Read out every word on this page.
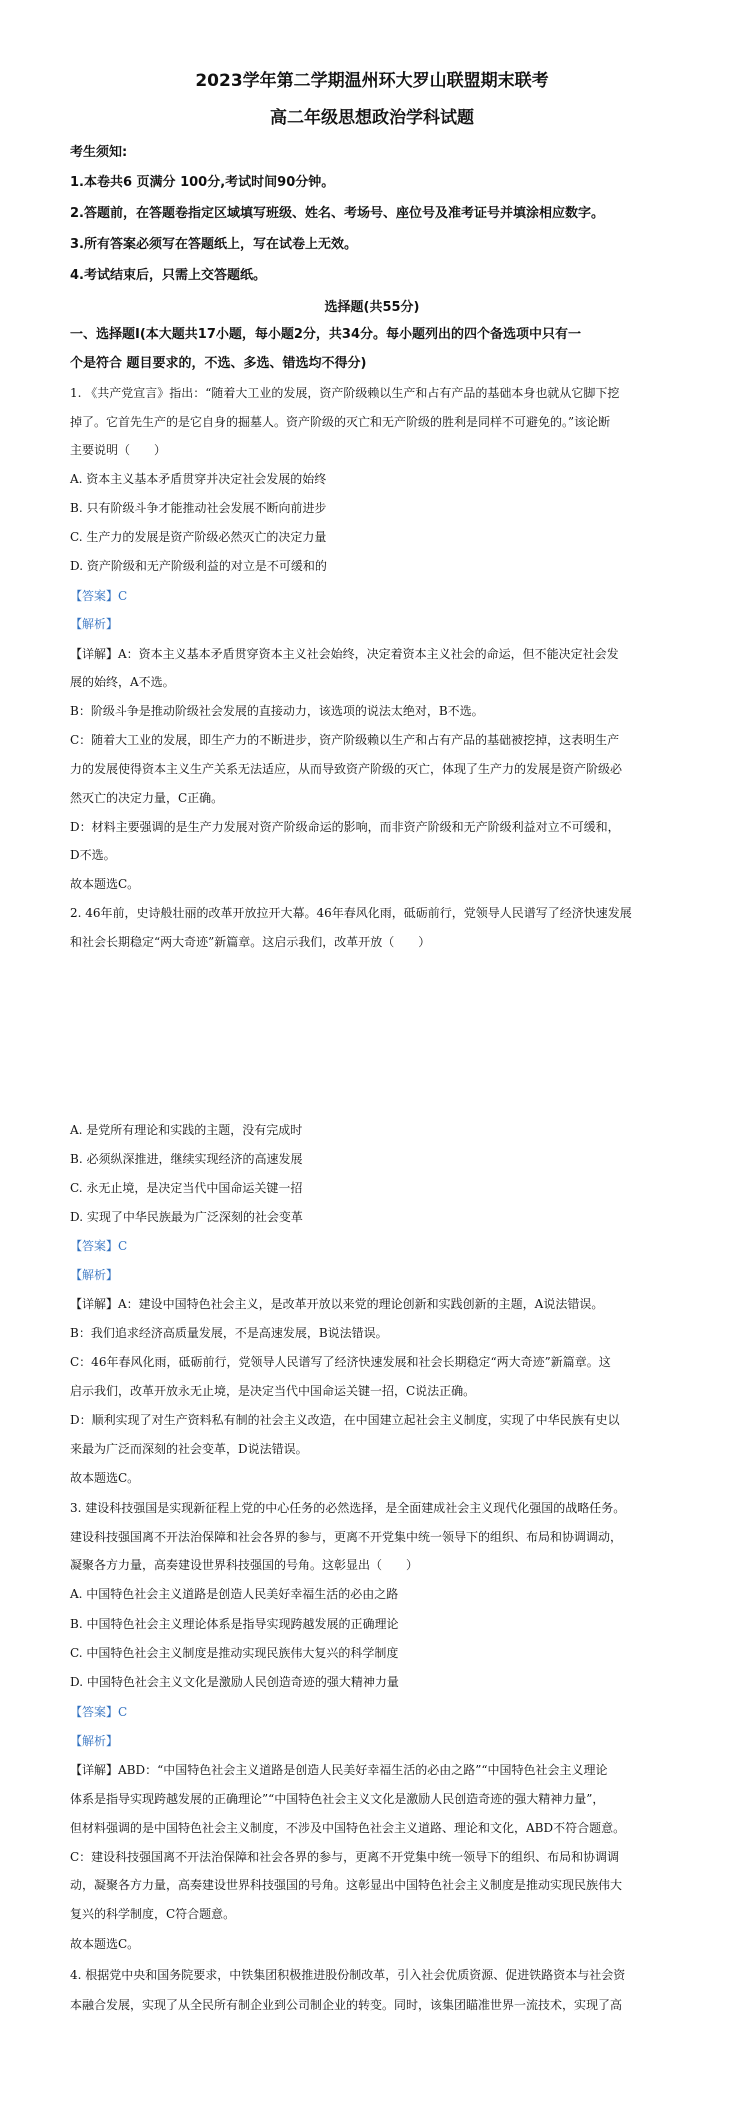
2023学年第二学期温州环大罗山联盟期末联考
高二年级思想政治学科试题
考生须知:
1.本卷共6 页满分 100分,考试时间90分钟。
2.答题前，在答题卷指定区域填写班级、姓名、考场号、座位号及准考证号并填涂相应数字。
3.所有答案必须写在答题纸上，写在试卷上无效。
4.考试结束后，只需上交答题纸。
选择题(共55分)
一、选择题Ⅰ(本大题共17小题，每小题2分，共34分。每小题列出的四个备选项中只有一
个是符合 题目要求的，不选、多选、错选均不得分)
1. 《共产党宣言》指出：“随着大工业的发展，资产阶级赖以生产和占有产品的基础本身也就从它脚下挖
掉了。它首先生产的是它自身的掘墓人。资产阶级的灭亡和无产阶级的胜利是同样不可避免的。”该论断
主要说明（　　）
A. 资本主义基本矛盾贯穿并决定社会发展的始终
B. 只有阶级斗争才能推动社会发展不断向前进步
C. 生产力的发展是资产阶级必然灭亡的决定力量
D. 资产阶级和无产阶级利益的对立是不可缓和的
【答案】C
【解析】
【详解】A：资本主义基本矛盾贯穿资本主义社会始终，决定着资本主义社会的命运，但不能决定社会发
展的始终，A不选。
B：阶级斗争是推动阶级社会发展的直接动力，该选项的说法太绝对，B不选。
C：随着大工业的发展，即生产力的不断进步，资产阶级赖以生产和占有产品的基础被挖掉，这表明生产
力的发展使得资本主义生产关系无法适应，从而导致资产阶级的灭亡，体现了生产力的发展是资产阶级必
然灭亡的决定力量，C正确。
D：材料主要强调的是生产力发展对资产阶级命运的影响，而非资产阶级和无产阶级利益对立不可缓和，
D不选。
故本题选C。
2. 46年前，史诗般壮丽的改革开放拉开大幕。46年春风化雨，砥砺前行，党领导人民谱写了经济快速发展
和社会长期稳定“两大奇迹”新篇章。这启示我们，改革开放（　　）
A. 是党所有理论和实践的主题，没有完成时
B. 必须纵深推进，继续实现经济的高速发展
C. 永无止境，是决定当代中国命运关键一招
D. 实现了中华民族最为广泛深刻的社会变革
【答案】C
【解析】
【详解】A：建设中国特色社会主义，是改革开放以来党的理论创新和实践创新的主题，A说法错误。
B：我们追求经济高质量发展，不是高速发展，B说法错误。
C：46年春风化雨，砥砺前行，党领导人民谱写了经济快速发展和社会长期稳定“两大奇迹”新篇章。这
启示我们，改革开放永无止境，是决定当代中国命运关键一招，C说法正确。
D：顺利实现了对生产资料私有制的社会主义改造，在中国建立起社会主义制度，实现了中华民族有史以
来最为广泛而深刻的社会变革，D说法错误。
故本题选C。
3. 建设科技强国是实现新征程上党的中心任务的必然选择，是全面建成社会主义现代化强国的战略任务。
建设科技强国离不开法治保障和社会各界的参与，更离不开党集中统一领导下的组织、布局和协调调动，
凝聚各方力量，高奏建设世界科技强国的号角。这彰显出（　　）
A. 中国特色社会主义道路是创造人民美好幸福生活的必由之路
B. 中国特色社会主义理论体系是指导实现跨越发展的正确理论
C. 中国特色社会主义制度是推动实现民族伟大复兴的科学制度
D. 中国特色社会主义文化是激励人民创造奇迹的强大精神力量
【答案】C
【解析】
【详解】ABD：“中国特色社会主义道路是创造人民美好幸福生活的必由之路”“中国特色社会主义理论
体系是指导实现跨越发展的正确理论”“中国特色社会主义文化是激励人民创造奇迹的强大精神力量”，
但材料强调的是中国特色社会主义制度，不涉及中国特色社会主义道路、理论和文化，ABD不符合题意。
C：建设科技强国离不开法治保障和社会各界的参与，更离不开党集中统一领导下的组织、布局和协调调
动，凝聚各方力量，高奏建设世界科技强国的号角。这彰显出中国特色社会主义制度是推动实现民族伟大
复兴的科学制度，C符合题意。
故本题选C。
4. 根据党中央和国务院要求，中铁集团积极推进股份制改革，引入社会优质资源、促进铁路资本与社会资
本融合发展，实现了从全民所有制企业到公司制企业的转变。同时，该集团瞄准世界一流技术，实现了高
